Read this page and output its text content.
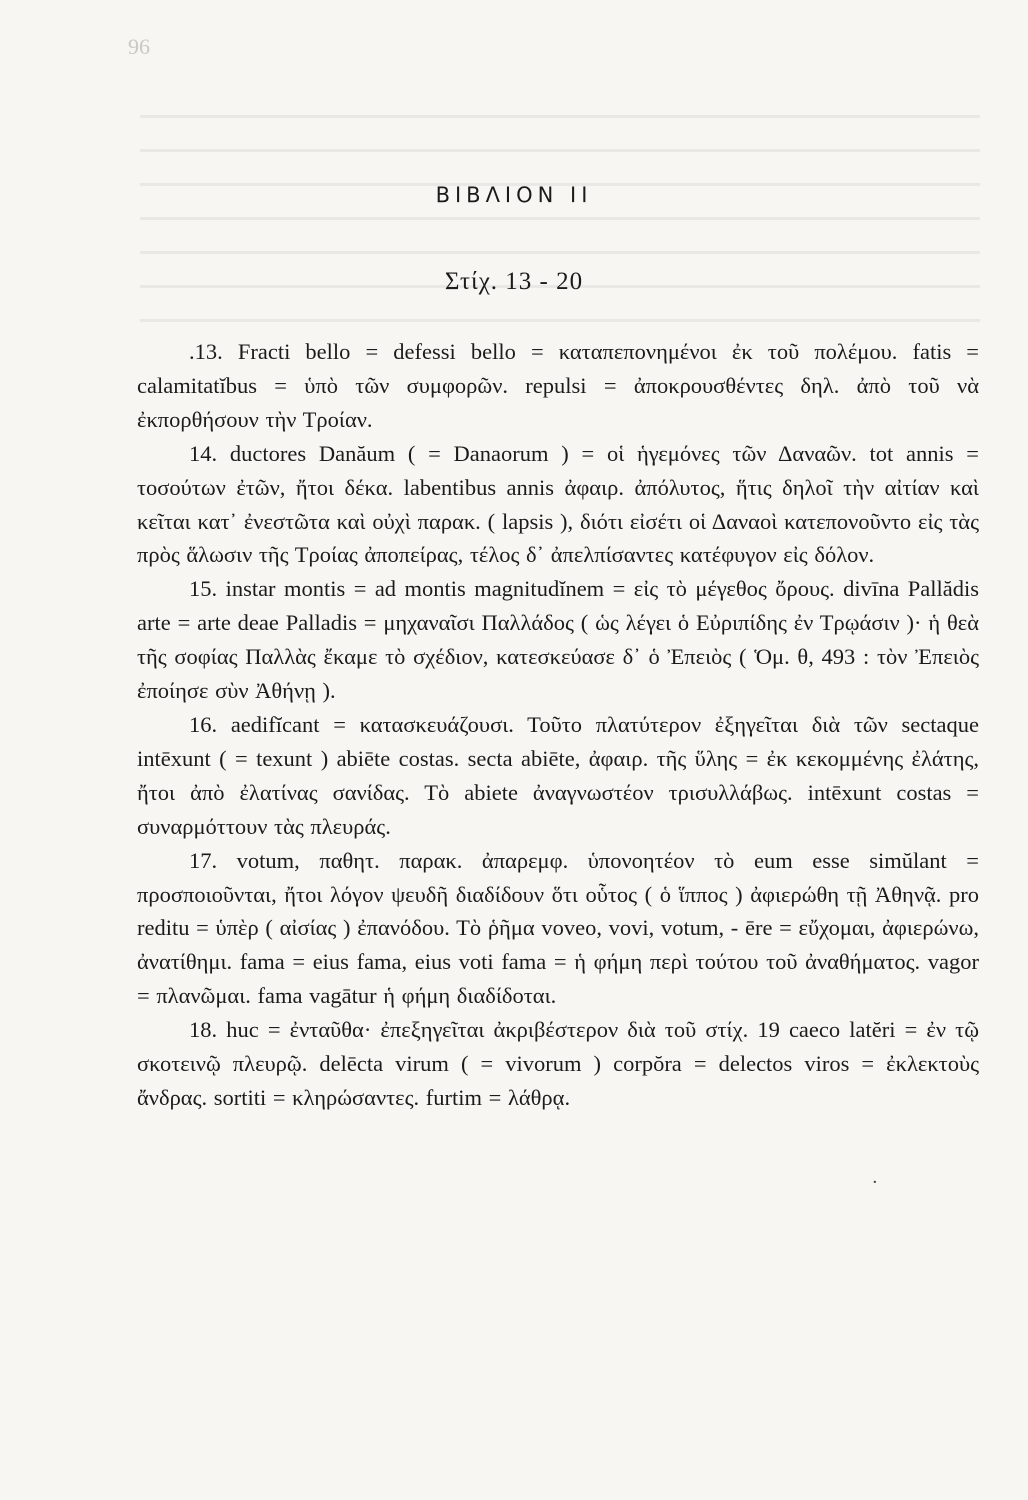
96
ΒΙΒΛΙΟΝ ΙΙ
Στίχ. 13 - 20

.13. Fracti bello = defessi bello = καταπεπονημένοι ἐκ τοῦ πολέμου. fatis = calamitatĭbus = ὑπὸ τῶν συμφορῶν. repulsi = ἀποκρουσθέντες δηλ. ἀπὸ τοῦ νὰ ἐκπορθήσουν τὴν Τροίαν.

14. ductores Danăum ( = Danaorum ) = οἱ ἡγεμόνες τῶν Δαναῶν. tot annis = τοσούτων ἐτῶν, ἤτοι δέκα. labentibus annis ἀφαιρ. ἀπόλυτος, ἥτις δηλοῖ τὴν αἰτίαν καὶ κεῖται κατ᾽ ἐνεστῶτα καὶ οὐχὶ παρακ. ( lapsis ), διότι εἰσέτι οἱ Δαναοὶ κατεπονοῦντο εἰς τὰς πρὸς ἅλωσιν τῆς Τροίας ἀποπείρας, τέλος δ᾽ ἀπελπίσαντες κατέφυγον εἰς δόλον.

15. instar montis = ad montis magnitudĭnem = εἰς τὸ μέγεθος ὄρους. divīna Pallădis arte = arte deae Palladis = μηχαναῖσι Παλλάδος ( ὡς λέγει ὁ Εὐριπίδης ἐν Τρῳάσιν )· ἡ θεὰ τῆς σοφίας Παλλὰς ἔκαμε τὸ σχέδιον, κατεσκεύασε δ᾽ ὁ Ἐπειὸς ( Ὁμ. θ, 493 : τὸν Ἐπειὸς ἐποίησε σὺν Ἀθήνῃ ).

16. aedifĭcant = κατασκευάζουσι. Τοῦτο πλατύτερον ἐξηγεῖται διὰ τῶν sectaque intēxunt ( = texunt ) abiēte costas. secta abiēte, ἀφαιρ. τῆς ὕλης = ἐκ κεκομμένης ἐλάτης, ἤτοι ἀπὸ ἐλατίνας σανίδας. Τὸ abiete ἀναγνωστέον τρισυλλάβως. intēxunt costas = συναρμόττουν τὰς πλευράς.

17. votum, παθητ. παρακ. ἀπαρεμφ. ὑπονοητέον τὸ eum esse simŭlant = προσποιοῦνται, ἤτοι λόγον ψευδῆ διαδίδουν ὅτι οὗτος ( ὁ ἵππος ) ἀφιερώθη τῇ Ἀθηνᾷ. pro reditu = ὑπὲρ ( αἰσίας ) ἐπανόδου. Τὸ ῥῆμα voveo, vovi, votum, - ēre = εὔχομαι, ἀφιερώνω, ἀνατίθημι. fama = eius fama, eius voti fama = ἡ φήμη περὶ τούτου τοῦ ἀναθήματος. vagor = πλανῶμαι. fama vagātur ἡ φήμη διαδίδοται.

18. huc = ἐνταῦθα· ἐπεξηγεῖται ἀκριβέστερον διὰ τοῦ στίχ. 19 caeco latĕri = ἐν τῷ σκοτεινῷ πλευρῷ. delēcta virum ( = vivorum ) corpŏra = delectos viros = ἐκλεκτοὺς ἄνδρας. sortiti = κληρώσαντες. furtim = λάθρᾳ.

·
